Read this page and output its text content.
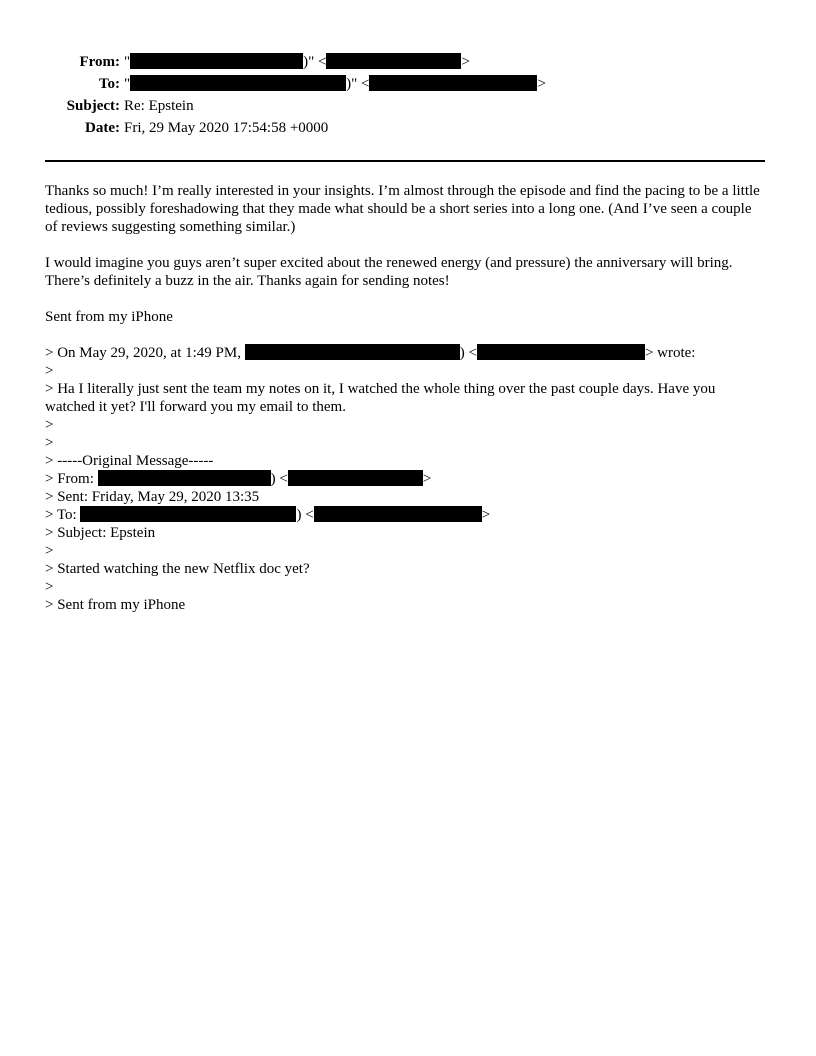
From: "	)" <	>
To: "	)" <	>
Subject: Re: Epstein
Date: Fri, 29 May 2020 17:54:58 +0000

Thanks so much! I’m really interested in your insights. I’m almost through the episode and find the pacing to be a little tedious, possibly foreshadowing that they made what should be a short series into a long one. (And I’ve seen a couple of reviews suggesting something similar.)

I would imagine you guys aren’t super excited about the renewed energy (and pressure) the anniversary will bring. There’s definitely a buzz in the air. Thanks again for sending notes!

Sent from my iPhone

> On May 29, 2020, at 1:49 PM,	) <	> wrote:

>

> Ha I literally just sent the team my notes on it, I watched the whole thing over the past couple days. Have you watched it yet? I'll forward you my email to them.

>

>

> -----Original Message-----

> From:	) <	>

> Sent: Friday, May 29, 2020 13:35

> To:	) <	>

> Subject: Epstein

>

> Started watching the new Netflix doc yet?

>

> Sent from my iPhone
